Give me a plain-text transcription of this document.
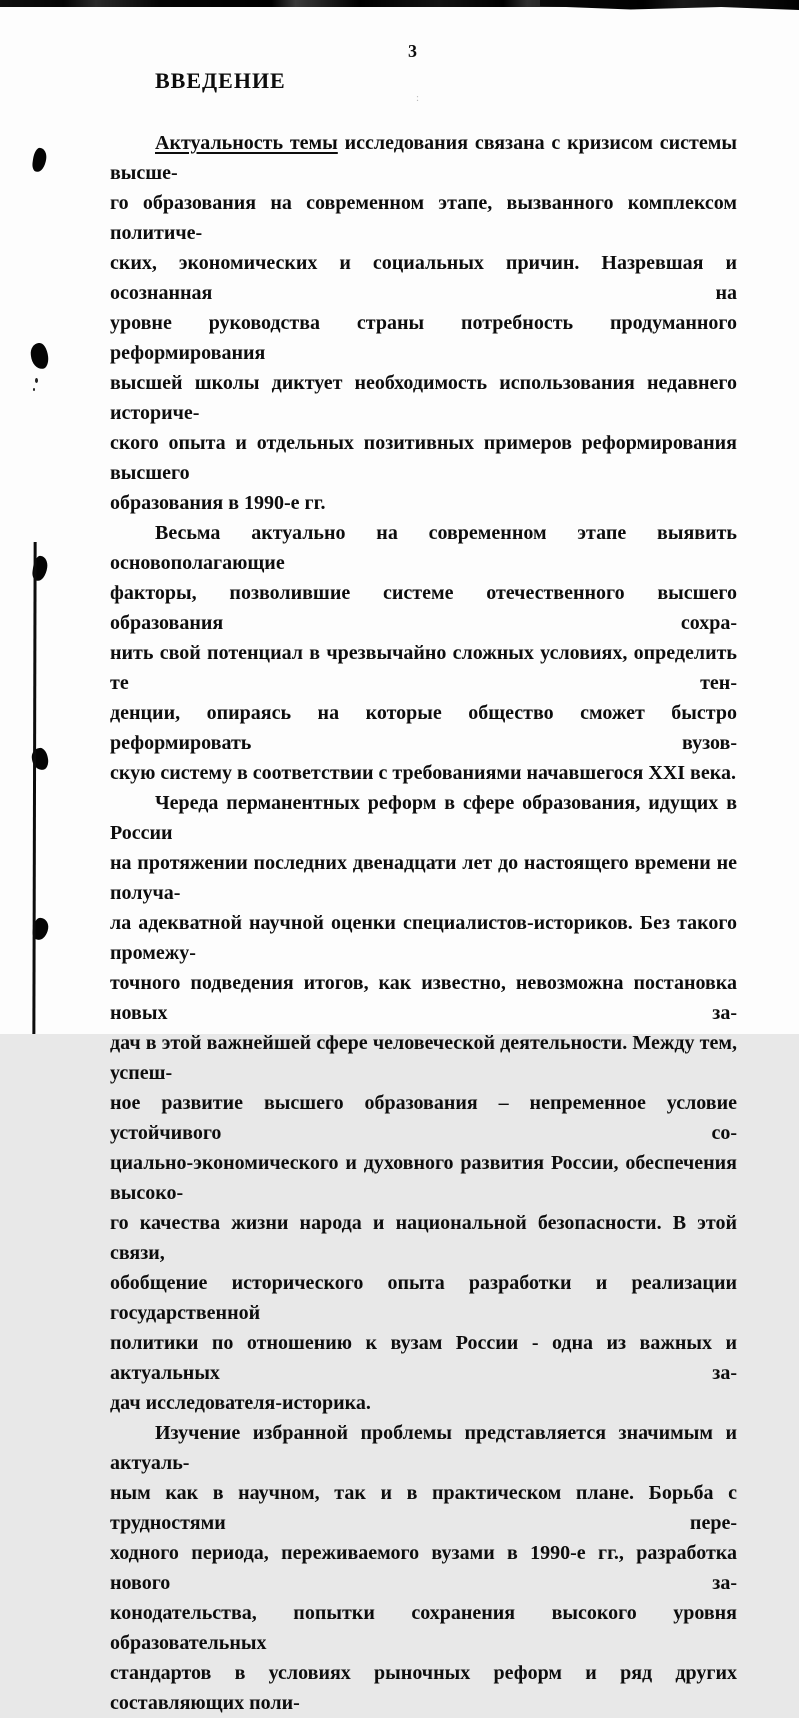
:
3
ВВЕДЕНИЕ
Актуальность темы исследования связана с кризисом системы высше-
го образования на современном этапе, вызванного комплексом политиче-
ских, экономических и социальных причин. Назревшая и осознанная на
уровне руководства страны потребность продуманного реформирования
высшей школы диктует необходимость использования недавнего историче-
ского опыта и отдельных позитивных примеров реформирования высшего
образования в 1990-е гг.
Весьма актуально на современном этапе выявить основополагающие
факторы, позволившие системе отечественного высшего образования сохра-
нить свой потенциал в чрезвычайно сложных условиях, определить те тен-
денции, опираясь на которые общество сможет быстро реформировать вузов-
скую систему в соответствии с требованиями начавшегося XXI века.
Череда перманентных реформ в сфере образования, идущих в России
на протяжении последних двенадцати лет до настоящего времени не получа-
ла адекватной научной оценки специалистов-историков. Без такого промежу-
точного подведения итогов, как известно, невозможна постановка новых за-
дач в этой важнейшей сфере человеческой деятельности. Между тем, успеш-
ное развитие высшего образования – непременное условие устойчивого со-
циально-экономического и духовного развития России, обеспечения высоко-
го качества жизни народа и национальной безопасности. В этой связи,
обобщение исторического опыта разработки и реализации государственной
политики по отношению к вузам России - одна из важных и актуальных за-
дач исследователя-историка.
Изучение избранной проблемы представляется значимым и актуаль-
ным как в научном, так и в практическом плане. Борьба с трудностями пере-
ходного периода, переживаемого вузами в 1990-е гг., разработка нового за-
конодательства, попытки сохранения высокого уровня образовательных
стандартов в условиях рыночных реформ и ряд других составляющих поли-
